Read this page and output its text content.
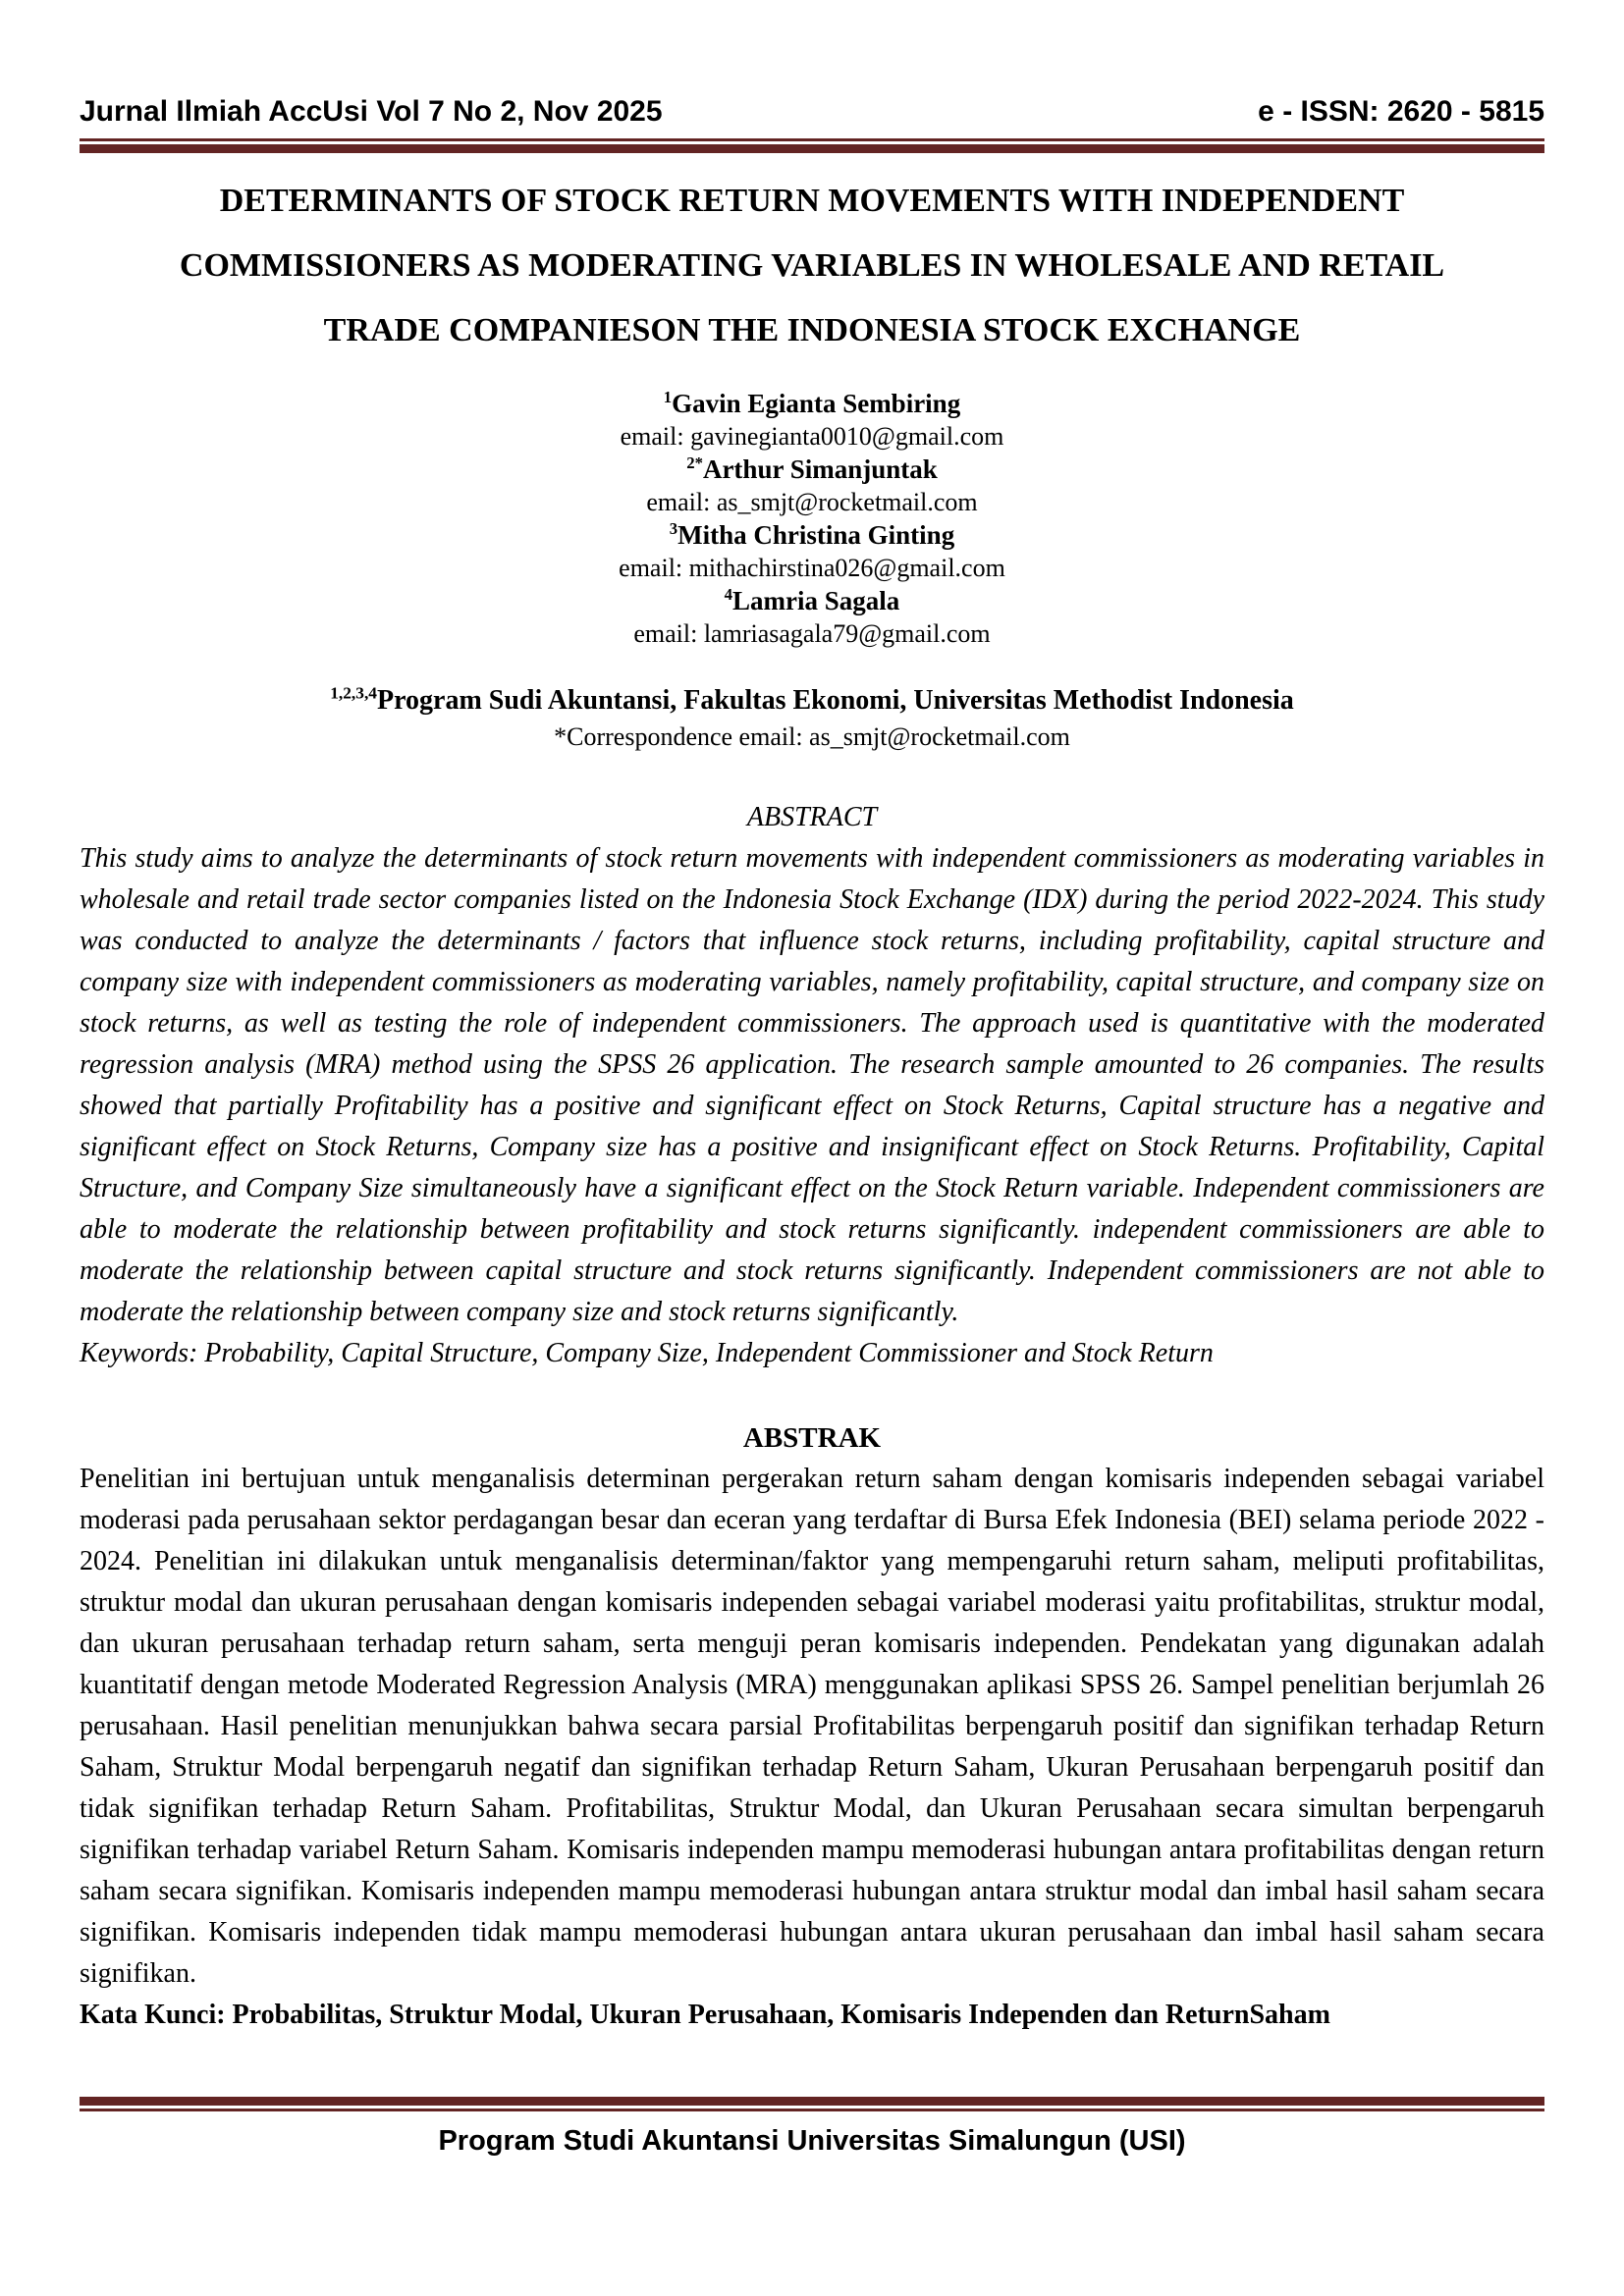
Jurnal Ilmiah AccUsi Vol 7 No 2, Nov 2025	e - ISSN: 2620 - 5815
DETERMINANTS OF STOCK RETURN MOVEMENTS WITH INDEPENDENT
COMMISSIONERS AS MODERATING VARIABLES IN WHOLESALE AND RETAIL
TRADE COMPANIESON THE INDONESIA STOCK EXCHANGE
$^1$Gavin Egianta Sembiring
email: gavinegianta0010@gmail.com
$^{2*}$Arthur Simanjuntak
email: as_smjt@rocketmail.com
$^3$Mitha Christina Ginting
email: mithachirstina026@gmail.com
$^4$Lamria Sagala
email: lamriasagala79@gmail.com
$^{1,2,3,4}$Program Sudi Akuntansi, Fakultas Ekonomi, Universitas Methodist Indonesia
*Correspondence email: as_smjt@rocketmail.com
ABSTRACT
This study aims to analyze the determinants of stock return movements with independent commissioners as moderating variables in wholesale and retail trade sector companies listed on the Indonesia Stock Exchange (IDX) during the period 2022-2024. This study was conducted to analyze the determinants / factors that influence stock returns, including profitability, capital structure and company size with independent commissioners as moderating variables, namely profitability, capital structure, and company size on stock returns, as well as testing the role of independent commissioners. The approach used is quantitative with the moderated regression analysis (MRA) method using the SPSS 26 application. The research sample amounted to 26 companies. The results showed that partially Profitability has a positive and significant effect on Stock Returns, Capital structure has a negative and significant effect on Stock Returns, Company size has a positive and insignificant effect on Stock Returns. Profitability, Capital Structure, and Company Size simultaneously have a significant effect on the Stock Return variable. Independent commissioners are able to moderate the relationship between profitability and stock returns significantly. independent commissioners are able to moderate the relationship between capital structure and stock returns significantly. Independent commissioners are not able to moderate the relationship between company size and stock returns significantly.
Keywords: Probability, Capital Structure, Company Size, Independent Commissioner and Stock Return
ABSTRAK
Penelitian ini bertujuan untuk menganalisis determinan pergerakan return saham dengan komisaris independen sebagai variabel moderasi pada perusahaan sektor perdagangan besar dan eceran yang terdaftar di Bursa Efek Indonesia (BEI) selama periode 2022 - 2024. Penelitian ini dilakukan untuk menganalisis determinan/faktor yang mempengaruhi return saham, meliputi profitabilitas, struktur modal dan ukuran perusahaan dengan komisaris independen sebagai variabel moderasi yaitu profitabilitas, struktur modal, dan ukuran perusahaan terhadap return saham, serta menguji peran komisaris independen. Pendekatan yang digunakan adalah kuantitatif dengan metode Moderated Regression Analysis (MRA) menggunakan aplikasi SPSS 26. Sampel penelitian berjumlah 26 perusahaan. Hasil penelitian menunjukkan bahwa secara parsial Profitabilitas berpengaruh positif dan signifikan terhadap Return Saham, Struktur Modal berpengaruh negatif dan signifikan terhadap Return Saham, Ukuran Perusahaan berpengaruh positif dan tidak signifikan terhadap Return Saham. Profitabilitas, Struktur Modal, dan Ukuran Perusahaan secara simultan berpengaruh signifikan terhadap variabel Return Saham. Komisaris independen mampu memoderasi hubungan antara profitabilitas dengan return saham secara signifikan. Komisaris independen mampu memoderasi hubungan antara struktur modal dan imbal hasil saham secara signifikan. Komisaris independen tidak mampu memoderasi hubungan antara ukuran perusahaan dan imbal hasil saham secara signifikan.
Kata Kunci: Probabilitas, Struktur Modal, Ukuran Perusahaan, Komisaris Independen dan ReturnSaham
Program Studi Akuntansi Universitas Simalungun (USI)
